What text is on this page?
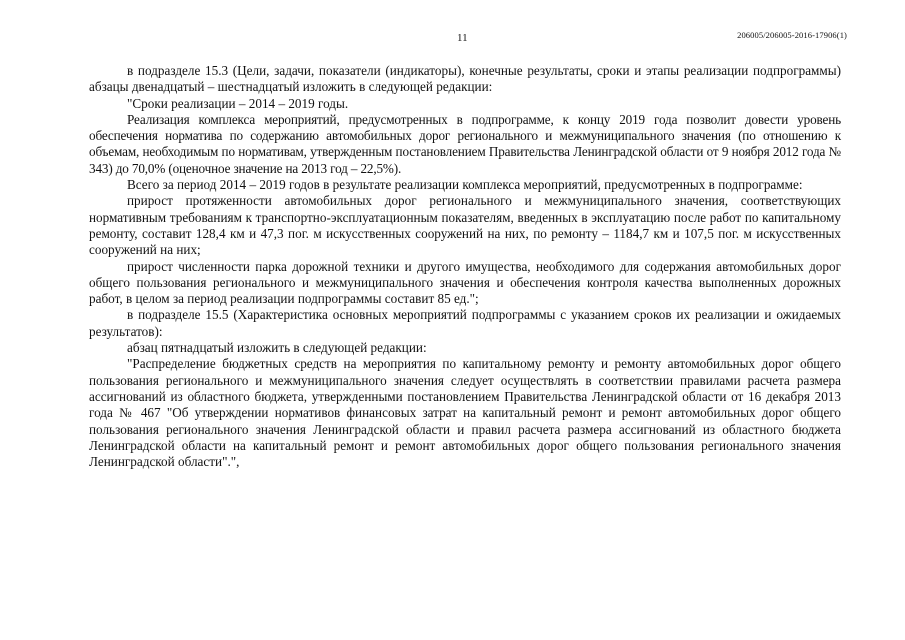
11	206005/206005-2016-17906(1)

в подразделе 15.3 (Цели, задачи, показатели (индикаторы), конечные результаты, сроки и этапы реализации подпрограммы) абзацы двенадцатый – шестнадцатый изложить в следующей редакции:

"Сроки реализации – 2014 – 2019 годы.

Реализация комплекса мероприятий, предусмотренных в подпрограмме, к концу 2019 года позволит довести уровень обеспечения норматива по содержанию автомобильных дорог регионального и межмуниципального значения (по отношению к объемам, необходимым по нормативам, утвержденным постановлением Правительства Ленинградской области от 9 ноября 2012 года № 343) до 70,0% (оценочное значение на 2013 год – 22,5%).

Всего за период 2014 – 2019 годов в результате реализации комплекса мероприятий, предусмотренных в подпрограмме:

прирост протяженности автомобильных дорог регионального и межмуниципального значения, соответствующих нормативным требованиям к транспортно-эксплуатационным показателям, введенных в эксплуатацию после работ по капитальному ремонту, составит 128,4 км и 47,3 пог. м искусственных сооружений на них, по ремонту – 1184,7 км и 107,5 пог. м искусственных сооружений на них;

прирост численности парка дорожной техники и другого имущества, необходимого для содержания автомобильных дорог общего пользования регионального и межмуниципального значения и обеспечения контроля качества выполненных дорожных работ, в целом за период реализации подпрограммы составит 85 ед.";

в подразделе 15.5 (Характеристика основных мероприятий подпрограммы с указанием сроков их реализации и ожидаемых результатов):

абзац пятнадцатый изложить в следующей редакции:

"Распределение бюджетных средств на мероприятия по капитальному ремонту и ремонту автомобильных дорог общего пользования регионального и межмуниципального значения следует осуществлять в соответствии правилами расчета размера ассигнований из областного бюджета, утвержденными постановлением Правительства Ленинградской области от 16 декабря 2013 года № 467 "Об утверждении нормативов финансовых затрат на капитальный ремонт и ремонт автомобильных дорог общего пользования регионального значения Ленинградской области и правил расчета размера ассигнований из областного бюджета Ленинградской области на капитальный ремонт и ремонт автомобильных дорог общего пользования регионального значения Ленинградской области".",
